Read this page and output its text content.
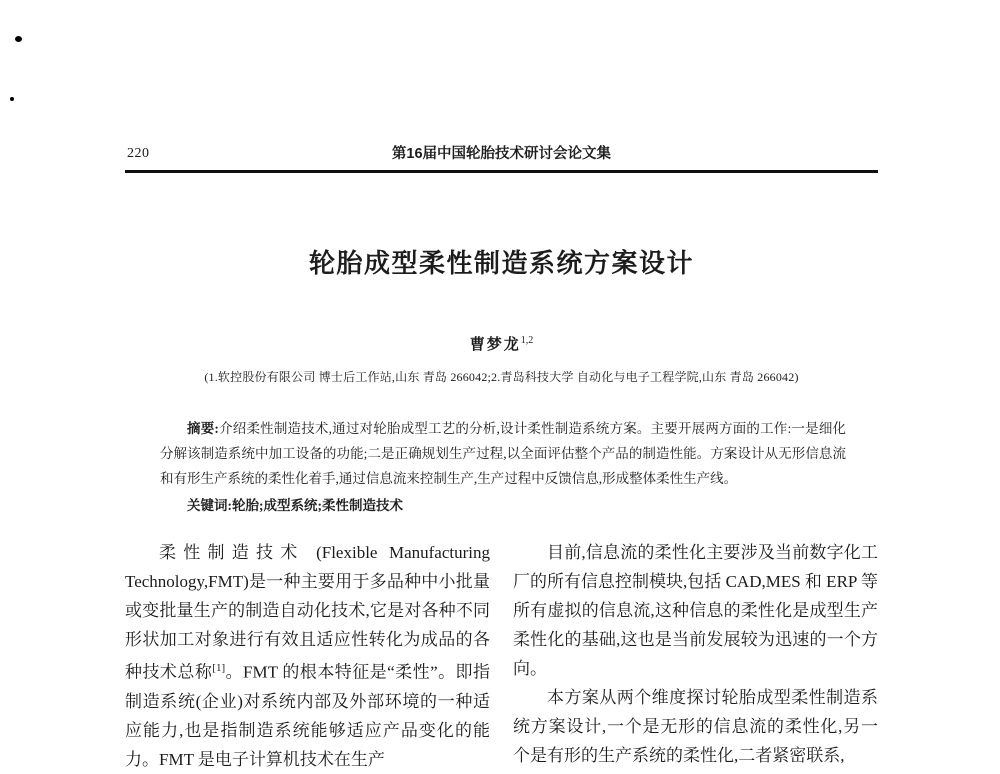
220	第16届中国轮胎技术研讨会论文集
轮胎成型柔性制造系统方案设计
曹梦龙$^{1,2}$
(1.软控股份有限公司 博士后工作站,山东 青岛 266042;2.青岛科技大学 自动化与电子工程学院,山东 青岛 266042)

摘要:介绍柔性制造技术,通过对轮胎成型工艺的分析,设计柔性制造系统方案。主要开展两方面的工作:一是细化分解该制造系统中加工设备的功能;二是正确规划生产过程,以全面评估整个产品的制造性能。方案设计从无形信息流和有形生产系统的柔性化着手,通过信息流来控制生产,生产过程中反馈信息,形成整体柔性生产线。

关键词:轮胎;成型系统;柔性制造技术

柔性制造技术 (Flexible Manufacturing Technology,FMT)是一种主要用于多品种中小批量或变批量生产的制造自动化技术,它是对各种不同形状加工对象进行有效且适应性转化为成品的各种技术总称[1]。FMT 的根本特征是“柔性”。即指制造系统(企业)对系统内部及外部环境的一种适应能力,也是指制造系统能够适应产品变化的能力。FMT 是电子计算机技术在生产

目前,信息流的柔性化主要涉及当前数字化工厂的所有信息控制模块,包括 CAD,MES 和 ERP 等所有虚拟的信息流,这种信息的柔性化是成型生产柔性化的基础,这也是当前发展较为迅速的一个方向。

本方案从两个维度探讨轮胎成型柔性制造系统方案设计,一个是无形的信息流的柔性化,另一个是有形的生产系统的柔性化,二者紧密联系,
